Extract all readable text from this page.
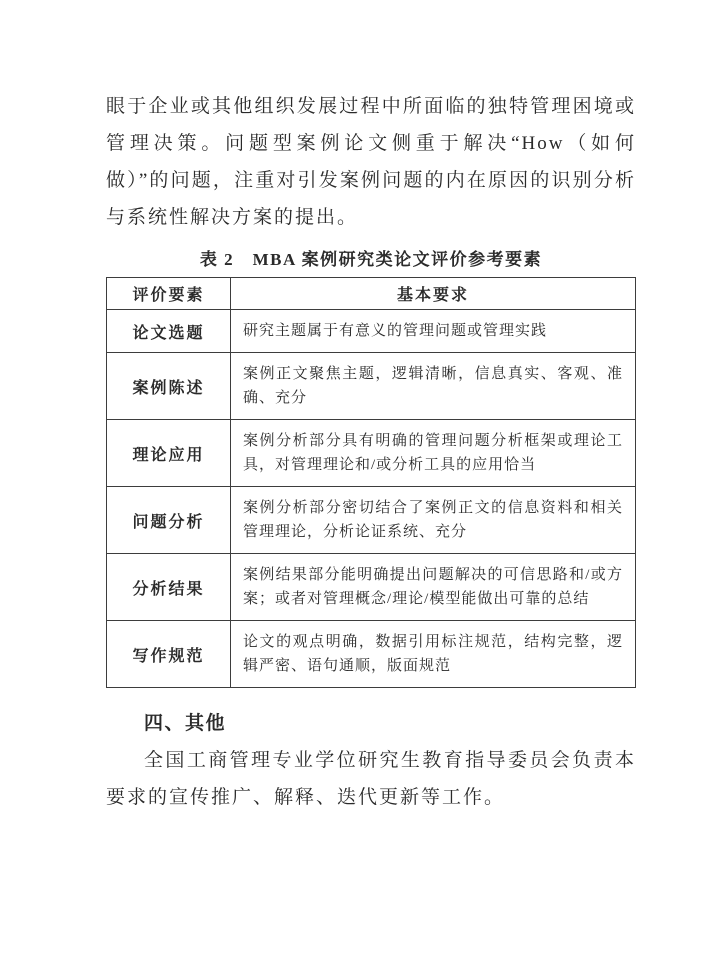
眼于企业或其他组织发展过程中所面临的独特管理困境或管理决策。问题型案例论文侧重于解决“How（如何做）”的问题，注重对引发案例问题的内在原因的识别分析与系统性解决方案的提出。

表 2　MBA 案例研究类论文评价参考要素

评价要素	基本要求
论文选题	研究主题属于有意义的管理问题或管理实践
案例陈述	案例正文聚焦主题，逻辑清晰，信息真实、客观、准确、充分
理论应用	案例分析部分具有明确的管理问题分析框架或理论工具，对管理理论和/或分析工具的应用恰当
问题分析	案例分析部分密切结合了案例正文的信息资料和相关管理理论，分析论证系统、充分
分析结果	案例结果部分能明确提出问题解决的可信思路和/或方案；或者对管理概念/理论/模型能做出可靠的总结
写作规范	论文的观点明确，数据引用标注规范，结构完整，逻辑严密、语句通顺，版面规范
四、其他

全国工商管理专业学位研究生教育指导委员会负责本要求的宣传推广、解释、迭代更新等工作。
